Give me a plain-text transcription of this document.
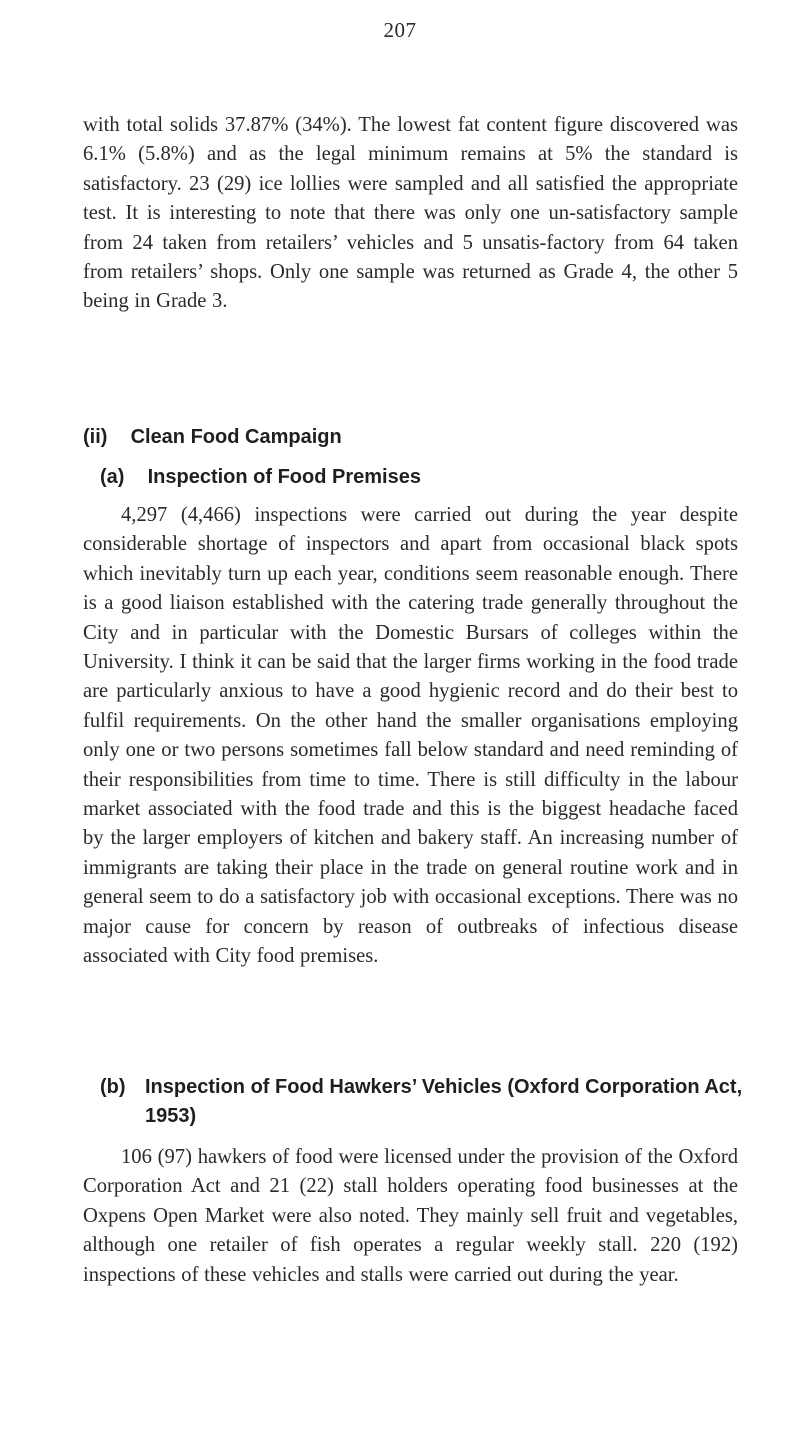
207

with total solids 37.87% (34%). The lowest fat content figure discovered was 6.1% (5.8%) and as the legal minimum remains at 5% the standard is satisfactory. 23 (29) ice lollies were sampled and all satisfied the appropriate test. It is interesting to note that there was only one un-satisfactory sample from 24 taken from retailers’ vehicles and 5 unsatis-factory from 64 taken from retailers’ shops. Only one sample was returned as Grade 4, the other 5 being in Grade 3.

(ii) Clean Food Campaign
(a) Inspection of Food Premises

4,297 (4,466) inspections were carried out during the year despite considerable shortage of inspectors and apart from occasional black spots which inevitably turn up each year, conditions seem reasonable enough. There is a good liaison established with the catering trade generally throughout the City and in particular with the Domestic Bursars of colleges within the University. I think it can be said that the larger firms working in the food trade are particularly anxious to have a good hygienic record and do their best to fulfil requirements. On the other hand the smaller organisations employing only one or two persons sometimes fall below standard and need reminding of their responsibilities from time to time. There is still difficulty in the labour market associated with the food trade and this is the biggest headache faced by the larger employers of kitchen and bakery staff. An increasing number of immigrants are taking their place in the trade on general routine work and in general seem to do a satisfactory job with occasional exceptions. There was no major cause for concern by reason of outbreaks of infectious disease associated with City food premises.

(b) Inspection of Food Hawkers’ Vehicles (Oxford Corporation Act, 1953)

106 (97) hawkers of food were licensed under the provision of the Oxford Corporation Act and 21 (22) stall holders operating food businesses at the Oxpens Open Market were also noted. They mainly sell fruit and vegetables, although one retailer of fish operates a regular weekly stall. 220 (192) inspections of these vehicles and stalls were carried out during the year.
